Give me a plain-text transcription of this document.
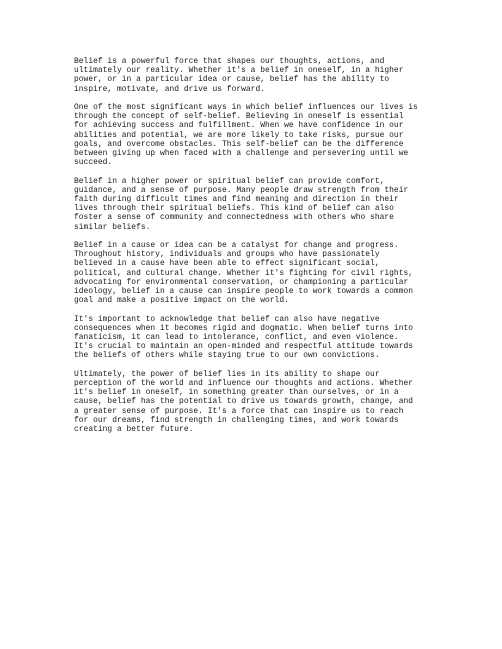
Belief is a powerful force that shapes our thoughts, actions, and ultimately our reality. Whether it's a belief in oneself, in a higher power, or in a particular idea or cause, belief has the ability to inspire, motivate, and drive us forward.

One of the most significant ways in which belief influences our lives is through the concept of self-belief. Believing in oneself is essential for achieving success and fulfillment. When we have confidence in our abilities and potential, we are more likely to take risks, pursue our goals, and overcome obstacles. This self-belief can be the difference between giving up when faced with a challenge and persevering until we succeed.

Belief in a higher power or spiritual belief can provide comfort, guidance, and a sense of purpose. Many people draw strength from their faith during difficult times and find meaning and direction in their lives through their spiritual beliefs. This kind of belief can also foster a sense of community and connectedness with others who share similar beliefs.

Belief in a cause or idea can be a catalyst for change and progress. Throughout history, individuals and groups who have passionately believed in a cause have been able to effect significant social, political, and cultural change. Whether it's fighting for civil rights, advocating for environmental conservation, or championing a particular ideology, belief in a cause can inspire people to work towards a common goal and make a positive impact on the world.

It's important to acknowledge that belief can also have negative consequences when it becomes rigid and dogmatic. When belief turns into fanaticism, it can lead to intolerance, conflict, and even violence. It's crucial to maintain an open-minded and respectful attitude towards the beliefs of others while staying true to our own convictions.

Ultimately, the power of belief lies in its ability to shape our perception of the world and influence our thoughts and actions. Whether it's belief in oneself, in something greater than ourselves, or in a cause, belief has the potential to drive us towards growth, change, and a greater sense of purpose. It's a force that can inspire us to reach for our dreams, find strength in challenging times, and work towards creating a better future.
